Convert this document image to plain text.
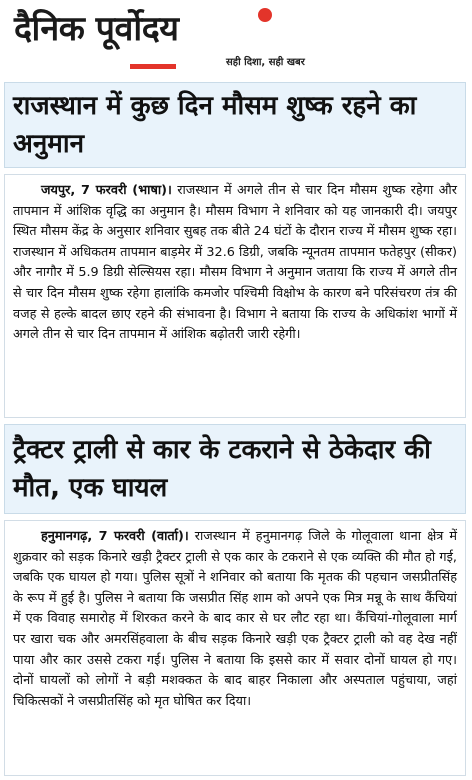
दैनिक पूर्वोदय
सही दिशा, सही खबर
राजस्थान में कुछ दिन मौसम शुष्क रहने का अनुमान
जयपुर, 7 फरवरी (भाषा)। राजस्थान में अगले तीन से चार दिन मौसम शुष्क रहेगा और तापमान में आंशिक वृद्धि का अनुमान है। मौसम विभाग ने शनिवार को यह जानकारी दी। जयपुर स्थित मौसम केंद्र के अनुसार शनिवार सुबह तक बीते 24 घंटों के दौरान राज्य में मौसम शुष्क रहा। राजस्थान में अधिकतम तापमान बाड़मेर में 32.6 डिग्री, जबकि न्यूनतम तापमान फतेहपुर (सीकर) और नागौर में 5.9 डिग्री सेल्सियस रहा। मौसम विभाग ने अनुमान जताया कि राज्य में अगले तीन से चार दिन मौसम शुष्क रहेगा हालांकि कमजोर पश्चिमी विक्षोभ के कारण बने परिसंचरण तंत्र की वजह से हल्के बादल छाए रहने की संभावना है। विभाग ने बताया कि राज्य के अधिकांश भागों में अगले तीन से चार दिन तापमान में आंशिक बढ़ोतरी जारी रहेगी।
ट्रैक्टर ट्राली से कार के टकराने से ठेकेदार की मौत, एक घायल
हनुमानगढ़, 7 फरवरी (वार्ता)। राजस्थान में हनुमानगढ़ जिले के गोलूवाला थाना क्षेत्र में शुक्रवार को सड़क किनारे खड़ी ट्रैक्टर ट्राली से एक कार के टकराने से एक व्यक्ति की मौत हो गई, जबकि एक घायल हो गया। पुलिस सूत्रों ने शनिवार को बताया कि मृतक की पहचान जसप्रीतसिंह के रूप में हुई है। पुलिस ने बताया कि जसप्रीत सिंह शाम को अपने एक मित्र मन्नू के साथ कैंचियां में एक विवाह समारोह में शिरकत करने के बाद कार से घर लौट रहा था। कैंचियां-गोलूवाला मार्ग पर खारा चक और अमरसिंहवाला के बीच सड़क किनारे खड़ी एक ट्रैक्टर ट्राली को वह देख नहीं पाया और कार उससे टकरा गई। पुलिस ने बताया कि इससे कार में सवार दोनों घायल हो गए। दोनों घायलों को लोगों ने बड़ी मशक्कत के बाद बाहर निकाला और अस्पताल पहुंचाया, जहां चिकित्सकों ने जसप्रीतसिंह को मृत घोषित कर दिया।
